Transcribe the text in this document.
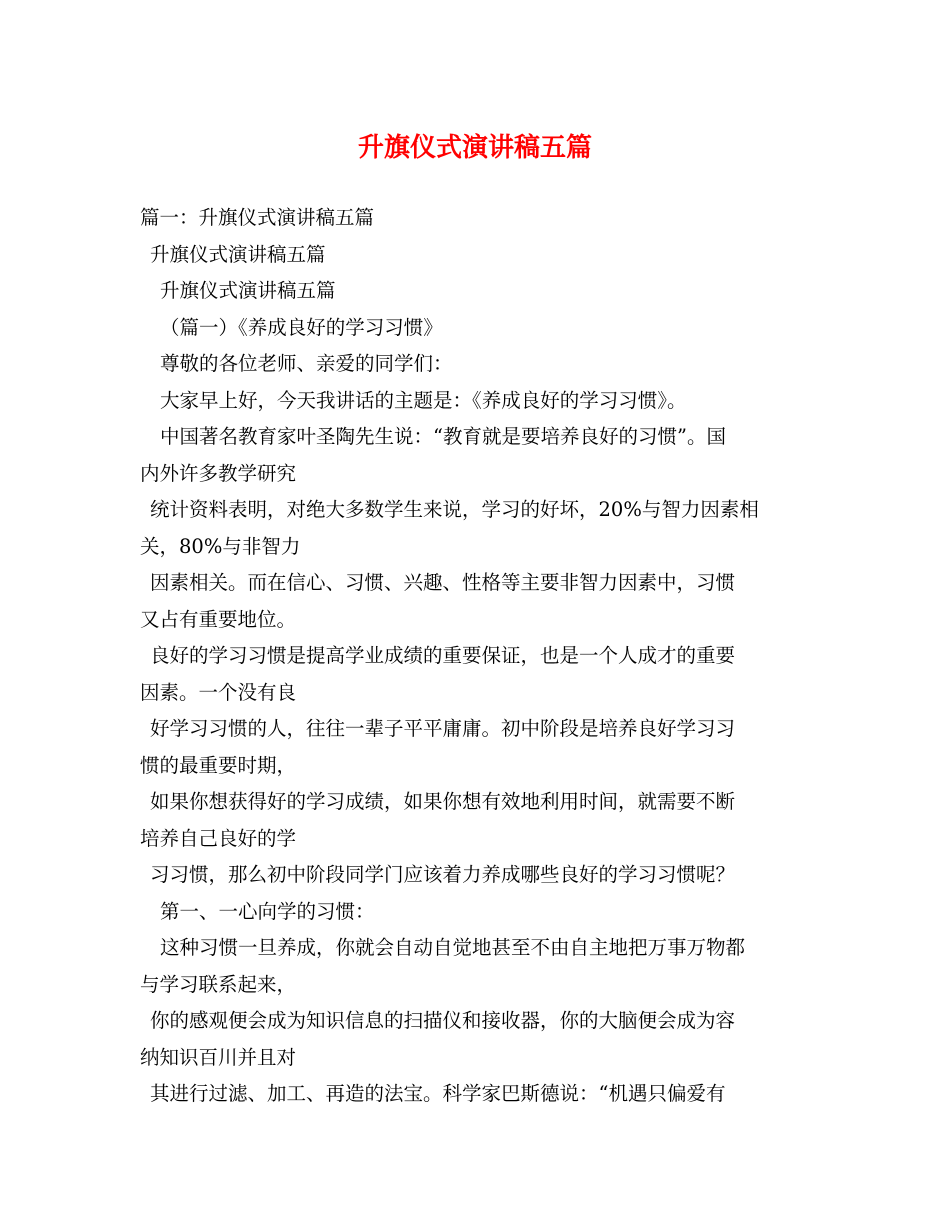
升旗仪式演讲稿五篇
篇一：升旗仪式演讲稿五篇
升旗仪式演讲稿五篇
升旗仪式演讲稿五篇
（篇一）《养成良好的学习习惯》
尊敬的各位老师、亲爱的同学们：
大家早上好，今天我讲话的主题是：《养成良好的学习习惯》。
中国著名教育家叶圣陶先生说：“教育就是要培养良好的习惯”。国
内外许多教学研究
统计资料表明，对绝大多数学生来说，学习的好坏，20%与智力因素相
关，80%与非智力
因素相关。而在信心、习惯、兴趣、性格等主要非智力因素中，习惯
又占有重要地位。
良好的学习习惯是提高学业成绩的重要保证，也是一个人成才的重要
因素。一个没有良
好学习习惯的人，往往一辈子平平庸庸。初中阶段是培养良好学习习
惯的最重要时期，
如果你想获得好的学习成绩，如果你想有效地利用时间，就需要不断
培养自己良好的学
习习惯，那么初中阶段同学门应该着力养成哪些良好的学习习惯呢？
第一、一心向学的习惯：
这种习惯一旦养成，你就会自动自觉地甚至不由自主地把万事万物都
与学习联系起来，
你的感观便会成为知识信息的扫描仪和接收器，你的大脑便会成为容
纳知识百川并且对
其进行过滤、加工、再造的法宝。科学家巴斯德说：“机遇只偏爱有
